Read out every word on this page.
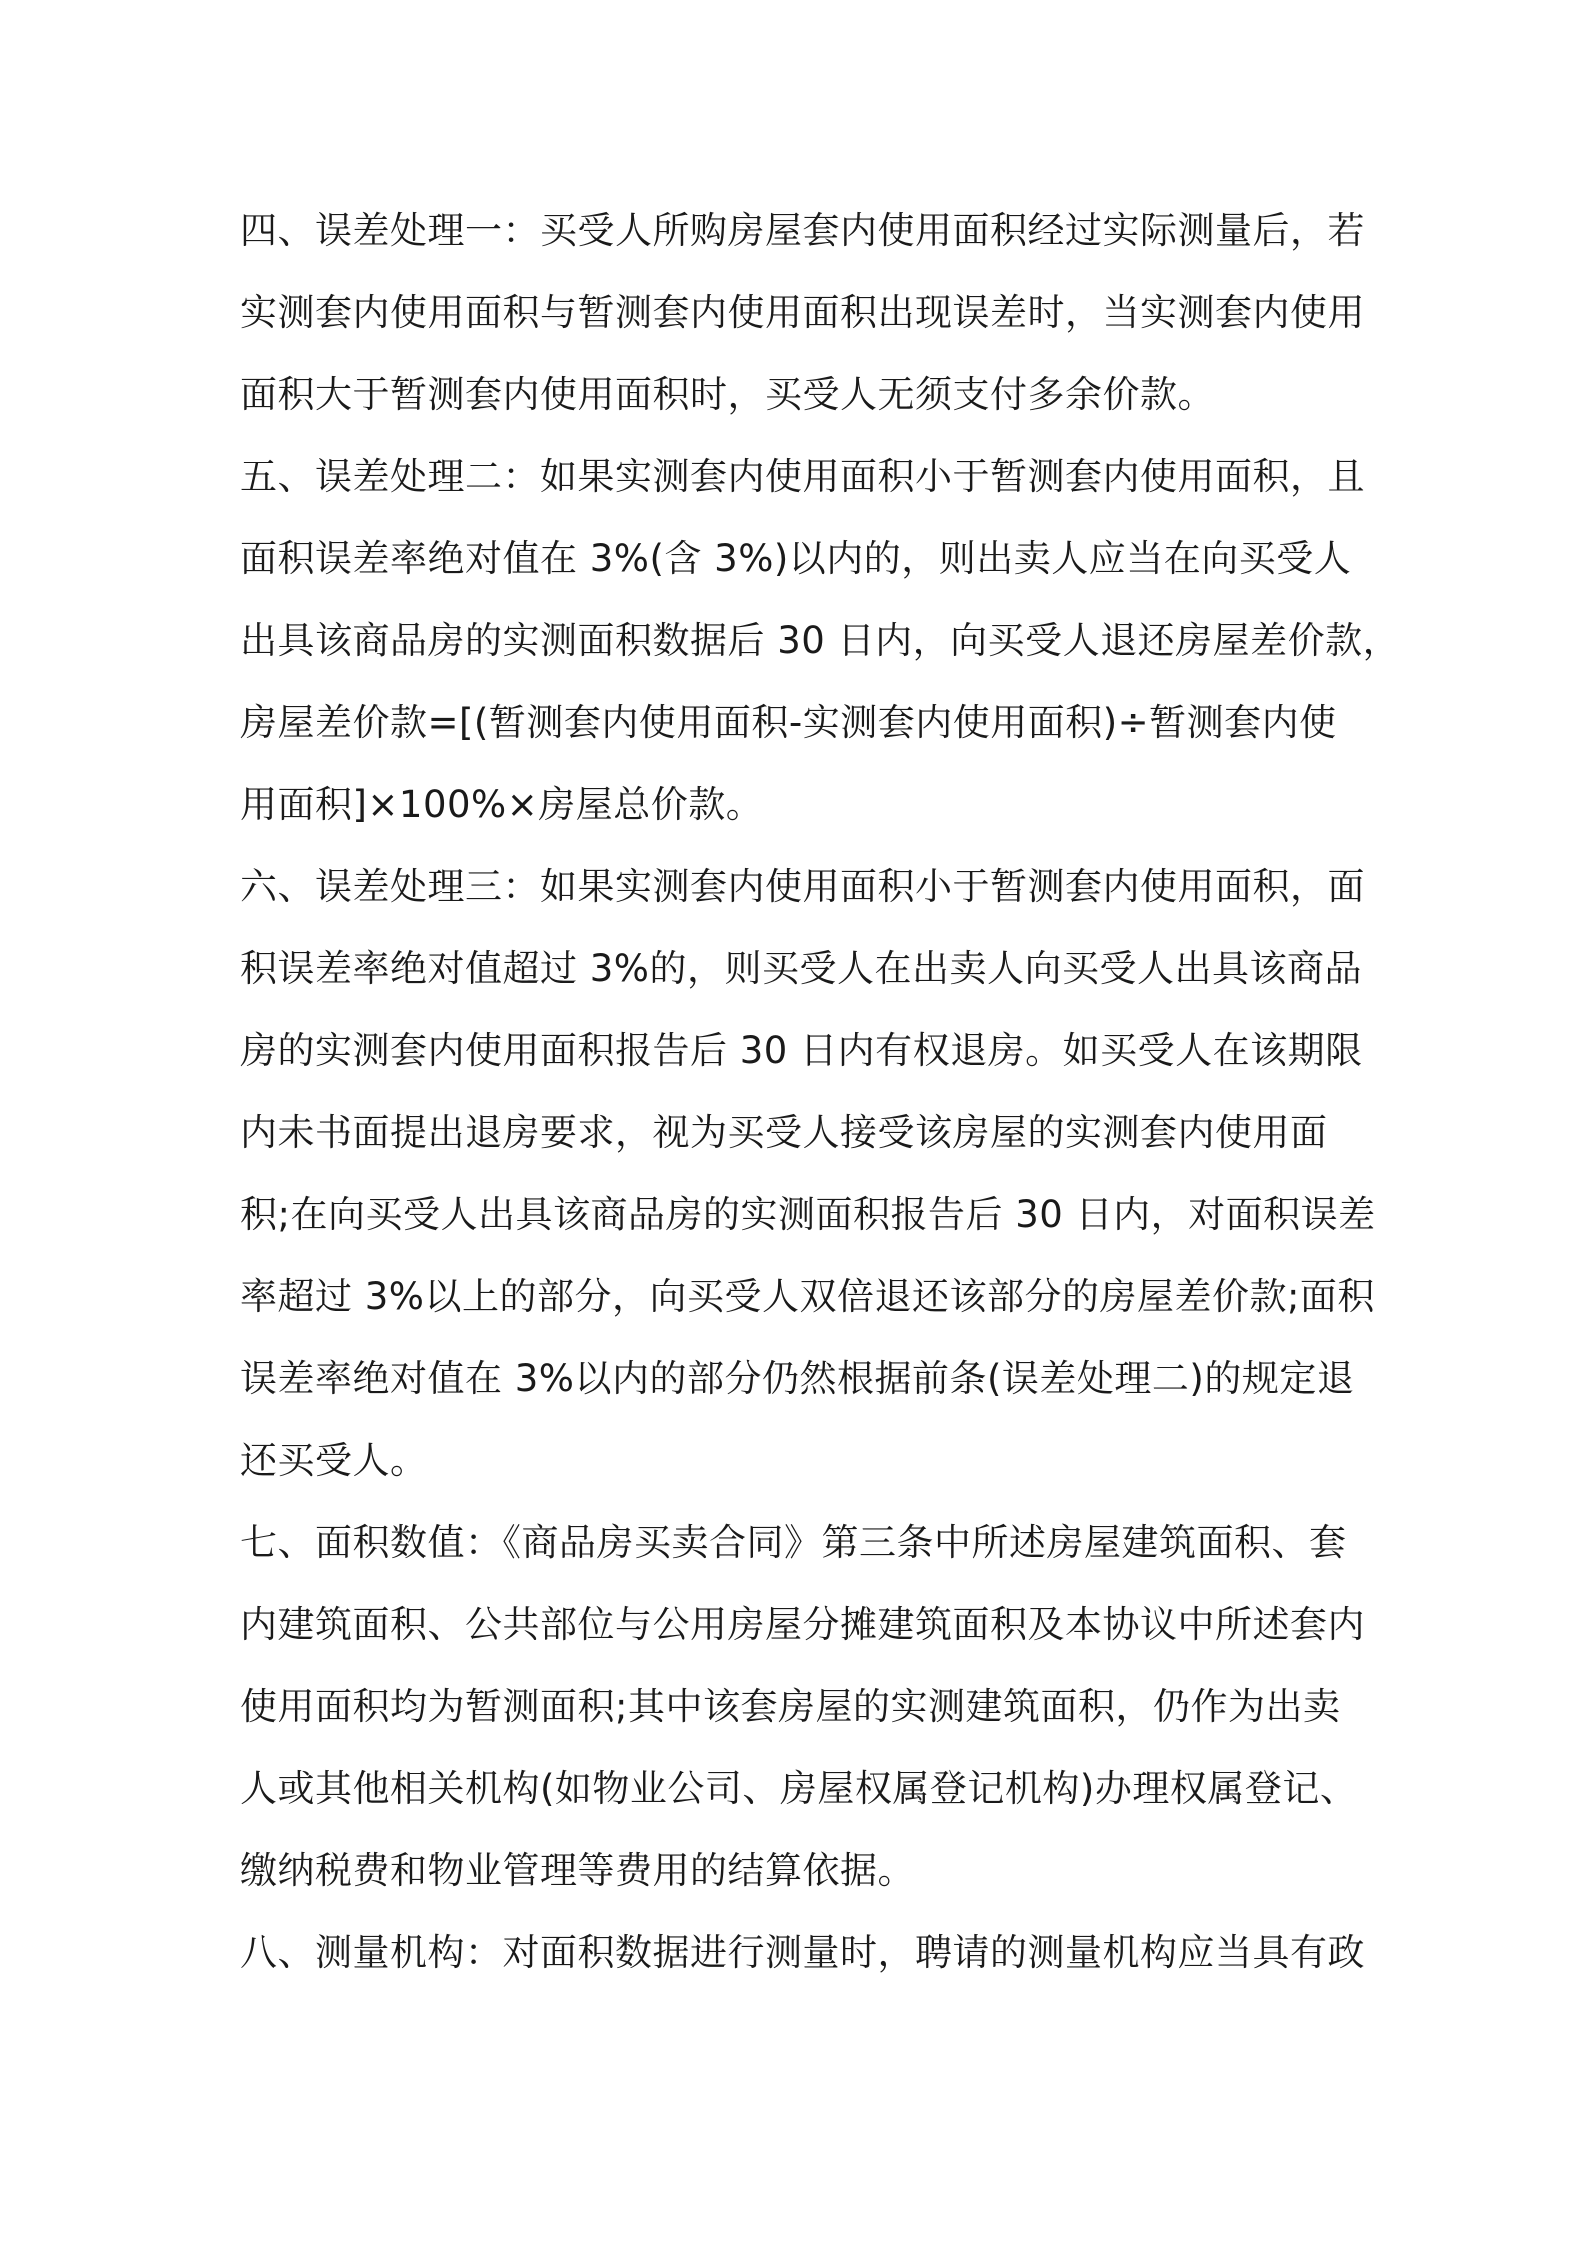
四、误差处理一：买受人所购房屋套内使用面积经过实际测量后，若
实测套内使用面积与暂测套内使用面积出现误差时，当实测套内使用
面积大于暂测套内使用面积时，买受人无须支付多余价款。
五、误差处理二：如果实测套内使用面积小于暂测套内使用面积，且
面积误差率绝对值在 3%(含 3%)以内的，则出卖人应当在向买受人
出具该商品房的实测面积数据后 30 日内，向买受人退还房屋差价款，
房屋差价款=[(暂测套内使用面积-实测套内使用面积)÷暂测套内使
用面积]×100%×房屋总价款。
六、误差处理三：如果实测套内使用面积小于暂测套内使用面积，面
积误差率绝对值超过 3%的，则买受人在出卖人向买受人出具该商品
房的实测套内使用面积报告后 30 日内有权退房。如买受人在该期限
内未书面提出退房要求，视为买受人接受该房屋的实测套内使用面
积;在向买受人出具该商品房的实测面积报告后 30 日内，对面积误差
率超过 3%以上的部分，向买受人双倍退还该部分的房屋差价款;面积
误差率绝对值在 3%以内的部分仍然根据前条(误差处理二)的规定退
还买受人。
七、面积数值：《商品房买卖合同》第三条中所述房屋建筑面积、套
内建筑面积、公共部位与公用房屋分摊建筑面积及本协议中所述套内
使用面积均为暂测面积;其中该套房屋的实测建筑面积，仍作为出卖
人或其他相关机构(如物业公司、房屋权属登记机构)办理权属登记、
缴纳税费和物业管理等费用的结算依据。
八、测量机构：对面积数据进行测量时，聘请的测量机构应当具有政
